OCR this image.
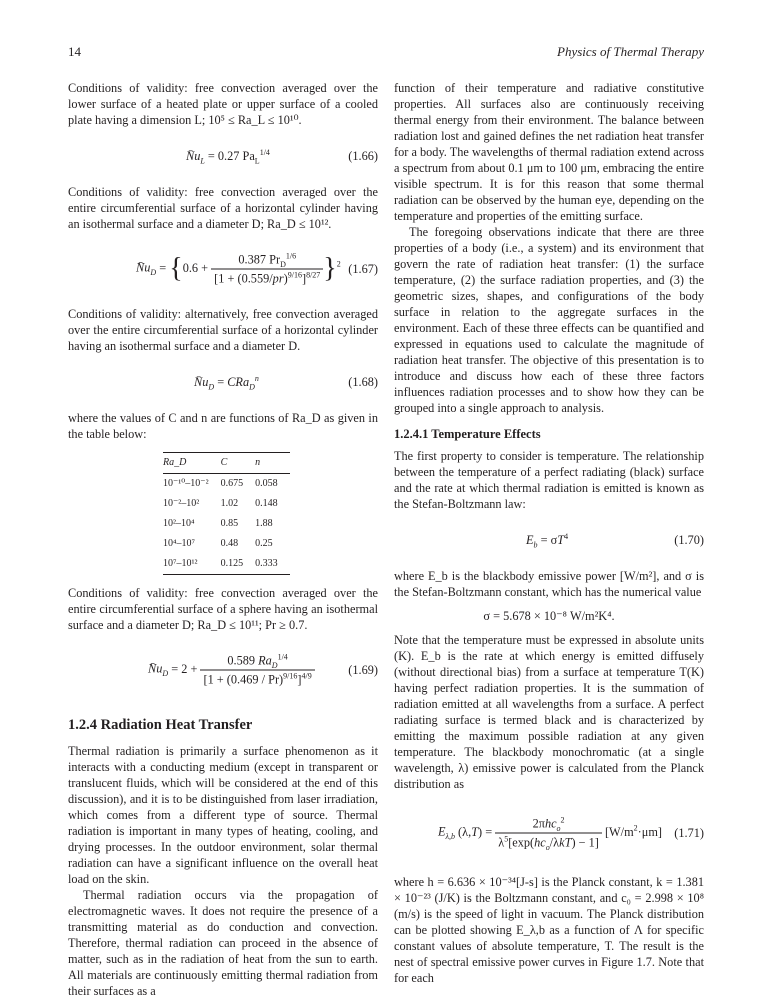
14	Physics of Thermal Therapy

Conditions of validity: free convection averaged over the lower surface of a heated plate or upper surface of a cooled plate having a dimension L; 10⁵ ≤ Ra_L ≤ 10¹⁰.

$N̄u_L = 0.27$ $Pa_L^{1/4}$	(1.66)

Conditions of validity: free convection averaged over the entire circumferential surface of a horizontal cylinder having an isothermal surface and a diameter D; Ra_D ≤ 10¹².

$N̄u_D = \{0.6 + \frac{0.387 Pr_D^{1/6}}{[1 + (0.559/pr)^{9/16}]^{8/27}} \}^2$ (1.67)

Conditions of validity: alternatively, free convection averaged over the entire circumferential surface of a horizontal cylinder having an isothermal surface and a diameter D.

$N̄u_D = CRa_D^n$	(1.68)

where the values of C and n are functions of Ra_D as given in the table below:

Ra_D	C	n
10⁻¹⁰–10⁻²	0.675	0.058
10⁻²–10²	1.02	0.148
10²–10⁴	0.85	1.88
10⁴–10⁷	0.48	0.25
10⁷–10¹²	0.125	0.333

Conditions of validity: free convection averaged over the entire circumferential surface of a sphere having an isothermal surface and a diameter D; Ra_D ≤ 10¹¹; Pr ≥ 0.7.

$N̄u_D = 2 + \frac{0.589 Ra_D^{1/4}}{[1 + (0.469 / Pr)^{9/16}]^{4/9}}$	(1.69)
1.2.4 Radiation Heat Transfer

Thermal radiation is primarily a surface phenomenon as it interacts with a conducting medium (except in transparent or translucent fluids, which will be considered at the end of this discussion), and it is to be distinguished from laser irradiation, which comes from a different type of source. Thermal radiation is important in many types of heating, cooling, and drying processes. In the outdoor environment, solar thermal radiation can have a significant influence on the overall heat load on the skin.

Thermal radiation occurs via the propagation of electromagnetic waves. It does not require the presence of a transmitting material as do conduction and convection. Therefore, thermal radiation can proceed in the absence of matter, such as in the radiation of heat from the sun to earth. All materials are continuously emitting thermal radiation from their surfaces as a

function of their temperature and radiative constitutive properties. All surfaces also are continuously receiving thermal energy from their environment. The balance between radiation lost and gained defines the net radiation heat transfer for a body. The wavelengths of thermal radiation extend across a spectrum from about 0.1 μm to 100 μm, embracing the entire visible spectrum. It is for this reason that some thermal radiation can be observed by the human eye, depending on the temperature and properties of the emitting surface.

The foregoing observations indicate that there are three properties of a body (i.e., a system) and its environment that govern the rate of radiation heat transfer: (1) the surface temperature, (2) the surface radiation properties, and (3) the geometric sizes, shapes, and configurations of the body surface in relation to the aggregate surfaces in the environment. Each of these three effects can be quantified and expressed in equations used to calculate the magnitude of radiation heat transfer. The objective of this presentation is to introduce and discuss how each of these three factors influences radiation processes and to show how they can be grouped into a single approach to analysis.

1.2.4.1 Temperature Effects

The first property to consider is temperature. The relationship between the temperature of a perfect radiating (black) surface and the rate at which thermal radiation is emitted is known as the Stefan-Boltzmann law:

$E_b = \sigma T^4$	(1.70)

where E_b is the blackbody emissive power [W/m²], and σ is the Stefan-Boltzmann constant, which has the numerical value

σ = 5.678 × 10⁻⁸ W/m²K⁴.

Note that the temperature must be expressed in absolute units (K). E_b is the rate at which energy is emitted diffusely (without directional bias) from a surface at temperature T(K) having perfect radiation properties. It is the summation of radiation emitted at all wavelengths from a surface. A perfect radiating surface is termed black and is characterized by emitting the maximum possible radiation at any given temperature. The blackbody monochromatic (at a single wavelength, λ) emissive power is calculated from the Planck distribution as

$E_{\lambda,b}$ $(\lambda,T) = \frac{2\pi hc_o^2}{\lambda^5[\exp(hc_o/\lambda kT) - 1]} [W/m^2\cdot\mu m]$ (1.71)

where h = 6.636 × 10⁻³⁴[J-s] is the Planck constant, k = 1.381 × 10⁻²³ (J/K) is the Boltzmann constant, and c₀ = 2.998 × 10⁸ (m/s) is the speed of light in vacuum. The Planck distribution can be plotted showing E_λ,b as a function of Λ for specific constant values of absolute temperature, T. The result is the nest of spectral emissive power curves in Figure 1.7. Note that for each
